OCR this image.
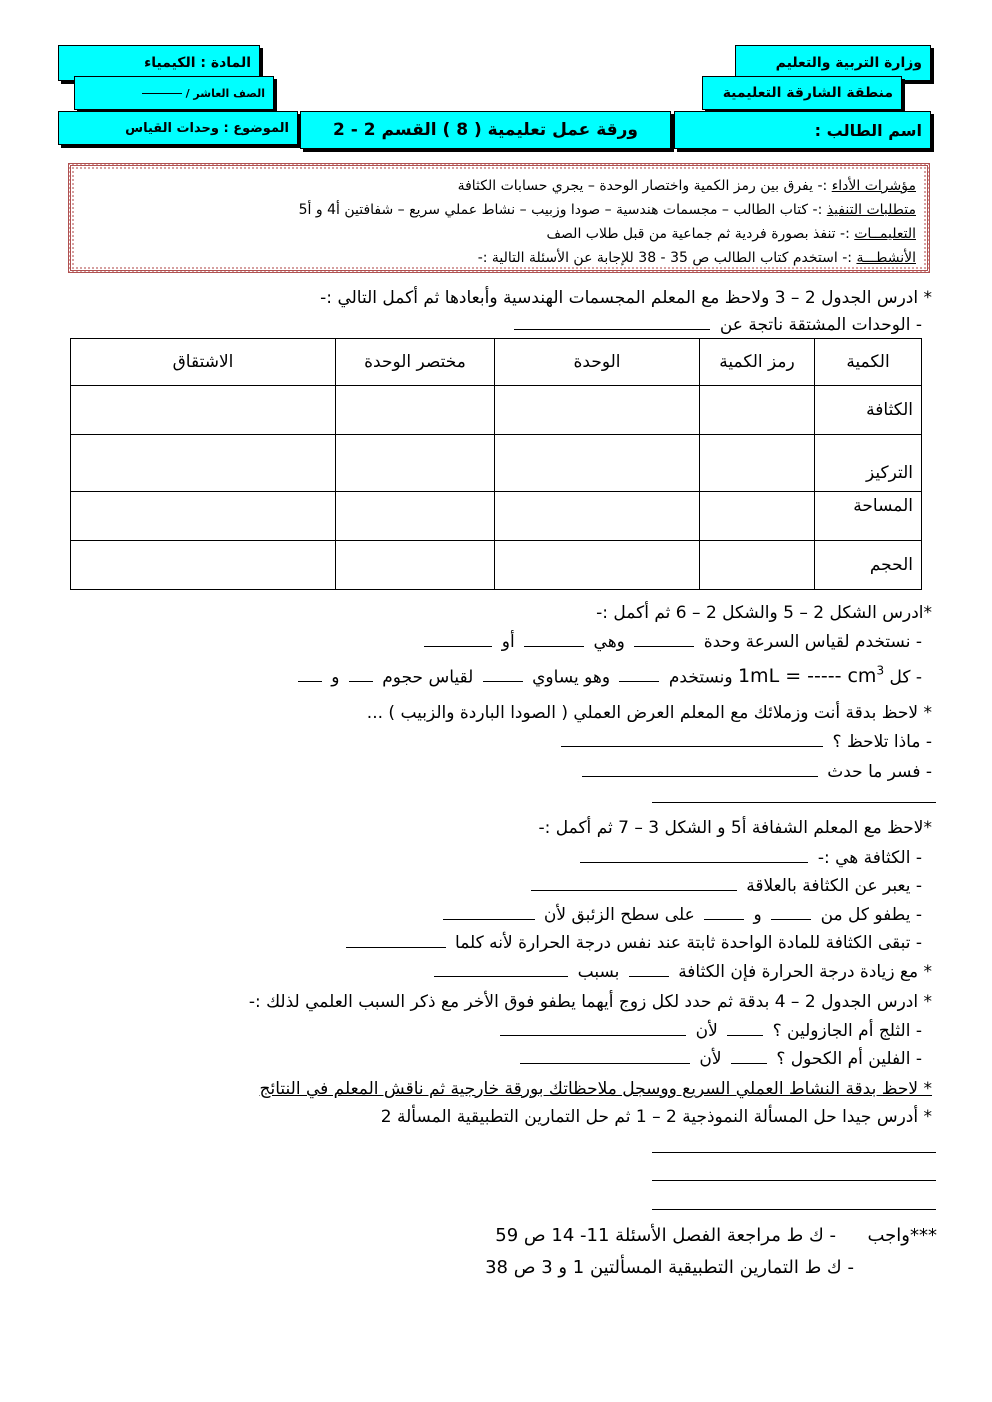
وزارة التربية والتعليم
منطقة الشارقة التعليمية
اسم الطالب :
ورقة عمل تعليمية ( 8 ) القسم 2 - 2
المادة : الكيمياء
الصف العاشر /
الموضوع : وحدات القياس
مؤشرات الأداء :- يفرق بين رمز الكمية واختصار الوحدة – يجري حسابات الكثافة
متطلبات التنفيذ :- كتاب الطالب – مجسمات هندسية – صودا وزبيب – نشاط عملي سريع – شفافتين أ4 و أ5
التعليمــات :- تنفذ بصورة فردية ثم جماعية من قبل طلاب الصف
الأنشطـــة :- استخدم كتاب الطالب ص 35 - 38 للإجابة عن الأسئلة التالية :-
* ادرس الجدول 2 – 3 ولاحظ مع المعلم المجسمات الهندسية وأبعادها ثم أكمل التالي :-
- الوحدات المشتقة ناتجة عن
الكمية	رمز الكمية	الوحدة	مختصر الوحدة	الاشتقاق
الكثافة				
التركيز				
المساحة				
الحجم				
*ادرس الشكل 2 – 5 والشكل 2 – 6 ثم أكمل :-
- نستخدم لقياس السرعة وحدة  وهي  أو
- كل 1mL = ----- $cm^3$ ونستخدم  وهو يساوي  لقياس حجوم  و
* لاحظ بدقة أنت وزملائك مع المعلم العرض العملي ( الصودا الباردة والزبيب ) ...
- ماذا تلاحظ ؟
- فسر ما حدث
*لاحظ مع المعلم الشفافة أ5 و الشكل 3 – 7 ثم أكمل :-
- الكثافة هي :-
- يعبر عن الكثافة بالعلاقة
- يطفو كل من  و  على سطح الزئبق لأن
- تبقى الكثافة للمادة الواحدة ثابتة عند نفس درجة الحرارة لأنه كلما
* مع زيادة درجة الحرارة فإن الكثافة  بسبب
* ادرس الجدول 2 – 4 بدقة ثم حدد لكل زوج أيهما يطفو فوق الأخر مع ذكر السبب العلمي لذلك :-
- الثلج أم الجازولين ؟  لأن
- الفلين أم الكحول ؟  لأن
* لاحظ بدقة النشاط العملي السريع ووسجل ملاحظاتك بورقة خارجية ثم ناقش المعلم في النتائج
* أدرس جيدا حل المسألة النموذجية 2 – 1 ثم حل التمارين التطبيقية المسألة 2
***واجب  - ك ط مراجعة الفصل الأسئلة 11- 14 ص 59
- ك ط التمارين التطبيقية المسألتين 1 و 3 ص 38
